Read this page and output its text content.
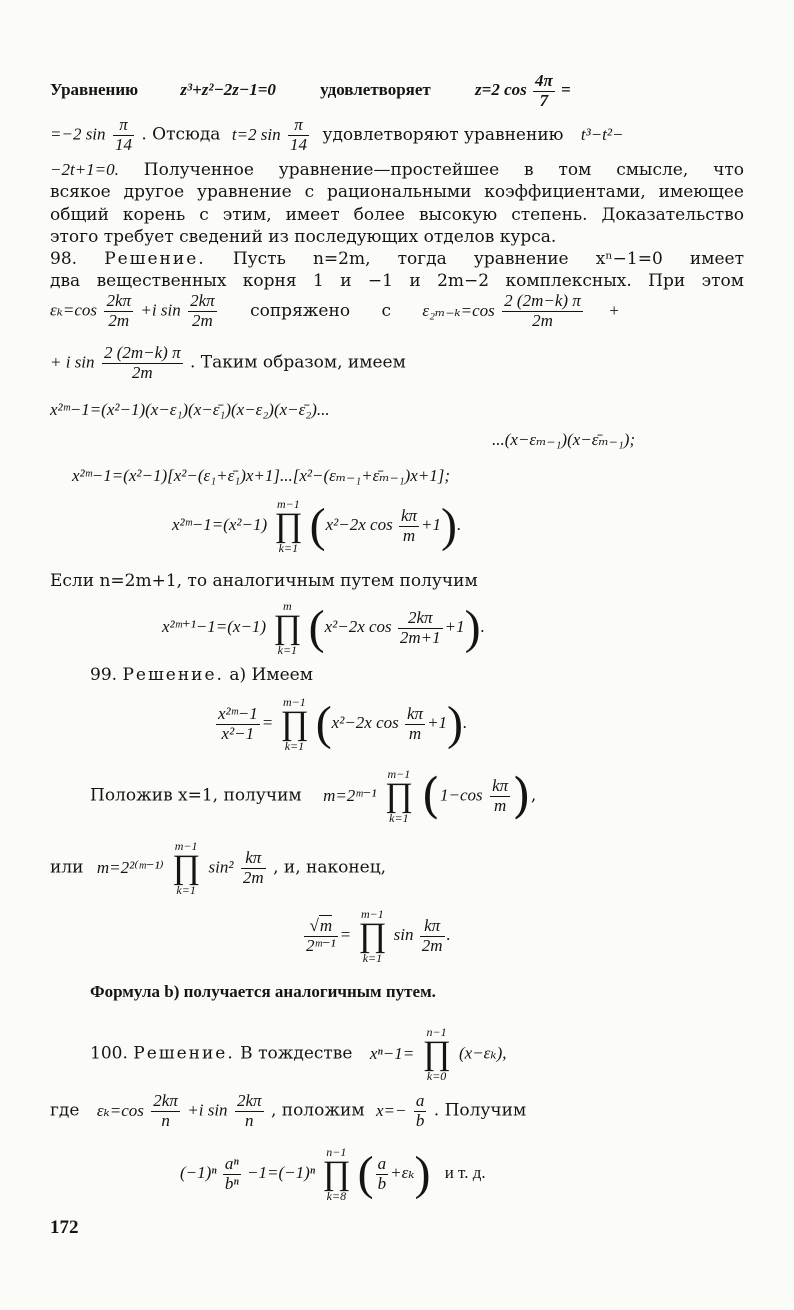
Уравнению z³+z²−2z−1=0	удовлетворяет	z=2 $\cos \frac{4\pi}{7}$ =
=−2 $\sin \frac{\pi}{14}$ . Отсюда t=2 $\sin \frac{\pi}{14}$ удовлетворяют уравнению t³−t²−
−2t+1=0. Полученное уравнение—простейшее в том смысле, что
всякое другое уравнение с рациональными коэффициентами, имеющее
общий корень с этим, имеет более высокую степень. Доказательство
этого требует сведений из последующих отделов курса.
98. Решение. Пусть n=2m, тогда уравнение xⁿ−1=0 имеет
два вещественных корня 1 и −1 и 2m−2 комплексных. При этом
$\varepsilon_k=\cos \frac{2k\pi}{2m} +i$ $\sin \frac{2k\pi}{2m}$ сопряжено с $\varepsilon_{2m-k}=\cos \frac{2 (2m-k) \pi}{2m}$ +
+ i $\sin \frac{2 (2m-k) \pi}{2m}$ . Таким образом, имеем
x²ᵐ−1=(x²−1)(x−ε₁)(x−ε̄₁)(x−ε₂)(x−ε̄₂)...
...(x−εₘ₋₁)(x−ε̄ₘ₋₁);
x²ᵐ−1=(x²−1)[x²−(ε₁+ε̄₁)x+1]...[x²−(εₘ₋₁+ε̄ₘ₋₁)x+1];
x²ᵐ−1=(x²−1)
m−1
∏
k=1 (x²−2x $\cos \frac{k\pi}{m} +1$).
Если n=2m+1, то аналогичным путем получим
x²ᵐ⁺¹−1=(x−1)
m
∏
k=1 (x²−2x $\cos \frac{2k\pi}{2m+1} +1$).
99. Решение. а) Имеем
$\frac{\text{x²ᵐ−1}}{\text{x²−1}}$ =
m−1
∏
k=1 (x²−2x $\cos \frac{k\pi}{m} +1$).
Положив x=1, получим m=2ᵐ⁻¹
m−1
∏
k=1 ($1-\cos \frac{k\pi}{m}$ ),
или m=2²⁽ᵐ⁻¹⁾
m−1
∏
k=1
$\sin^2 \frac{k\pi}{2m}$ , и, наконец,
$\frac{√m}{\text{2ᵐ⁻¹}}$ =
m−1
∏
k=1
$\sin \frac{k\pi}{2m}$ .
Формула b) получается аналогичным путем.
100. Решение. В тождестве xⁿ−1=
n−1
∏
k=0
(x−εₖ),
где $\varepsilon_k=\cos \frac{2k\pi}{n} +i$ $\sin \frac{2k\pi}{n}$ , положим $x=- \frac{a}{b}$ . Получим
$(-1)^n \frac{\text{aⁿ}}{\text{bⁿ}} -1=(-1)^n$
n−1
∏
k=8 ( $\frac{a}{b} +\varepsilon_k$) и т. д.
172
